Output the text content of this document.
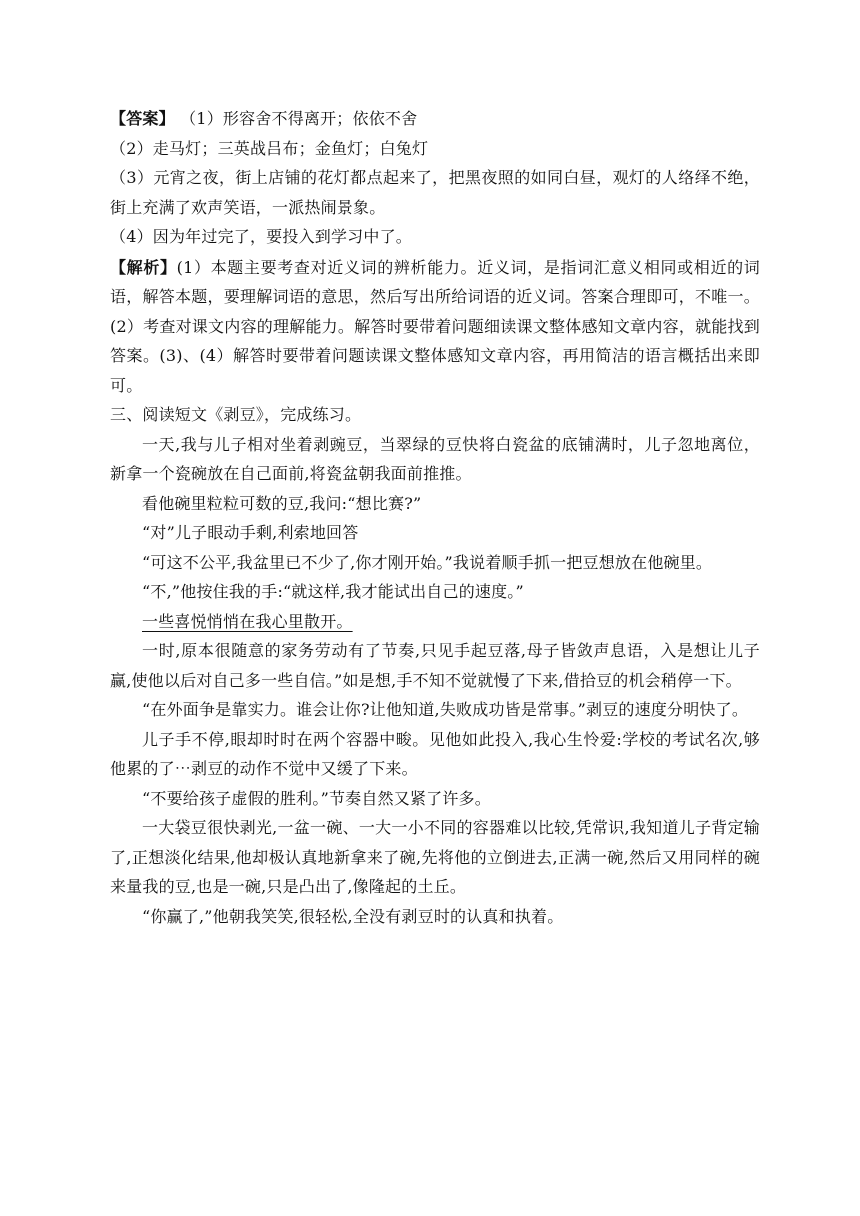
【答案】 （1）形容舍不得离开；依依不舍

（2）走马灯；三英战吕布；金鱼灯；白兔灯

（3）元宵之夜，街上店铺的花灯都点起来了，把黑夜照的如同白昼，观灯的人络绎不绝，街上充满了欢声笑语，一派热闹景象。

（4）因为年过完了，要投入到学习中了。

【解析】(1）本题主要考查对近义词的辨析能力。近义词，是指词汇意义相同或相近的词语，解答本题，要理解词语的意思，然后写出所给词语的近义词。答案合理即可，不唯一。(2）考查对课文内容的理解能力。解答时要带着问题细读课文整体感知文章内容，就能找到答案。(3)、(4）解答时要带着问题读课文整体感知文章内容，再用简洁的语言概括出来即可。

三、阅读短文《剥豆》，完成练习。

一天,我与儿子相对坐着剥豌豆，当翠绿的豆快将白瓷盆的底铺满时，儿子忽地离位，新拿一个瓷碗放在自己面前,将瓷盆朝我面前推推。

看他碗里粒粒可数的豆,我问:“想比赛?”

“对”儿子眼动手剩,利索地回答

“可这不公平,我盆里已不少了,你才刚开始。”我说着顺手抓一把豆想放在他碗里。

“不,”他按住我的手:“就这样,我才能试出自己的速度。”

一些喜悦悄悄在我心里散开。

一时,原本很随意的家务劳动有了节奏,只见手起豆落,母子皆敛声息语，入是想让儿子赢,使他以后对自己多一些自信。”如是想,手不知不觉就慢了下来,借拾豆的机会稍停一下。

“在外面争是靠实力。谁会让你?让他知道,失败成功皆是常事。”剥豆的速度分明快了。

儿子手不停,眼却时时在两个容器中畯。见他如此投入,我心生怜爱:学校的考试名次,够他累的了⋯剥豆的动作不觉中又缓了下来。

“不要给孩子虚假的胜利。”节奏自然又紧了许多。

一大袋豆很快剥光,一盆一碗、一大一小不同的容器难以比较,凭常识,我知道儿子背定输了,正想淡化结果,他却极认真地新拿来了碗,先将他的立倒进去,正满一碗,然后又用同样的碗来量我的豆,也是一碗,只是凸出了,像隆起的土丘。

“你赢了,”他朝我笑笑,很轻松,全没有剥豆时的认真和执着。
